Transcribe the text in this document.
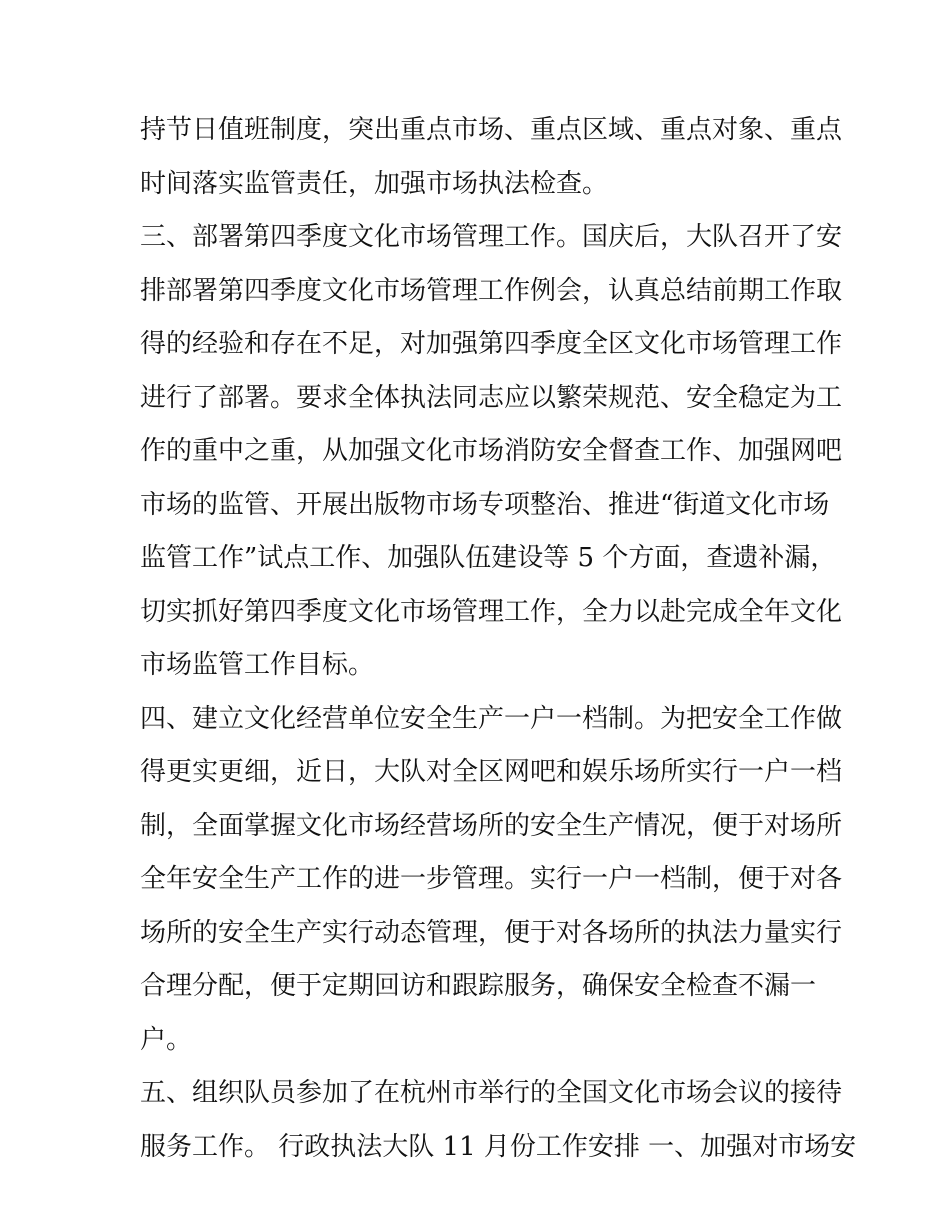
持节日值班制度，突出重点市场、重点区域、重点对象、重点
时间落实监管责任，加强市场执法检查。
三、部署第四季度文化市场管理工作。国庆后，大队召开了安
排部署第四季度文化市场管理工作例会，认真总结前期工作取
得的经验和存在不足，对加强第四季度全区文化市场管理工作
进行了部署。要求全体执法同志应以繁荣规范、安全稳定为工
作的重中之重，从加强文化市场消防安全督查工作、加强网吧
市场的监管、开展出版物市场专项整治、推进“街道文化市场
监管工作”试点工作、加强队伍建设等 5 个方面，查遗补漏，
切实抓好第四季度文化市场管理工作，全力以赴完成全年文化
市场监管工作目标。
四、建立文化经营单位安全生产一户一档制。为把安全工作做
得更实更细，近日，大队对全区网吧和娱乐场所实行一户一档
制，全面掌握文化市场经营场所的安全生产情况，便于对场所
全年安全生产工作的进一步管理。实行一户一档制，便于对各
场所的安全生产实行动态管理，便于对各场所的执法力量实行
合理分配，便于定期回访和跟踪服务，确保安全检查不漏一
户。
五、组织队员参加了在杭州市举行的全国文化市场会议的接待
服务工作。 行政执法大队 11 月份工作安排 一、加强对市场安
